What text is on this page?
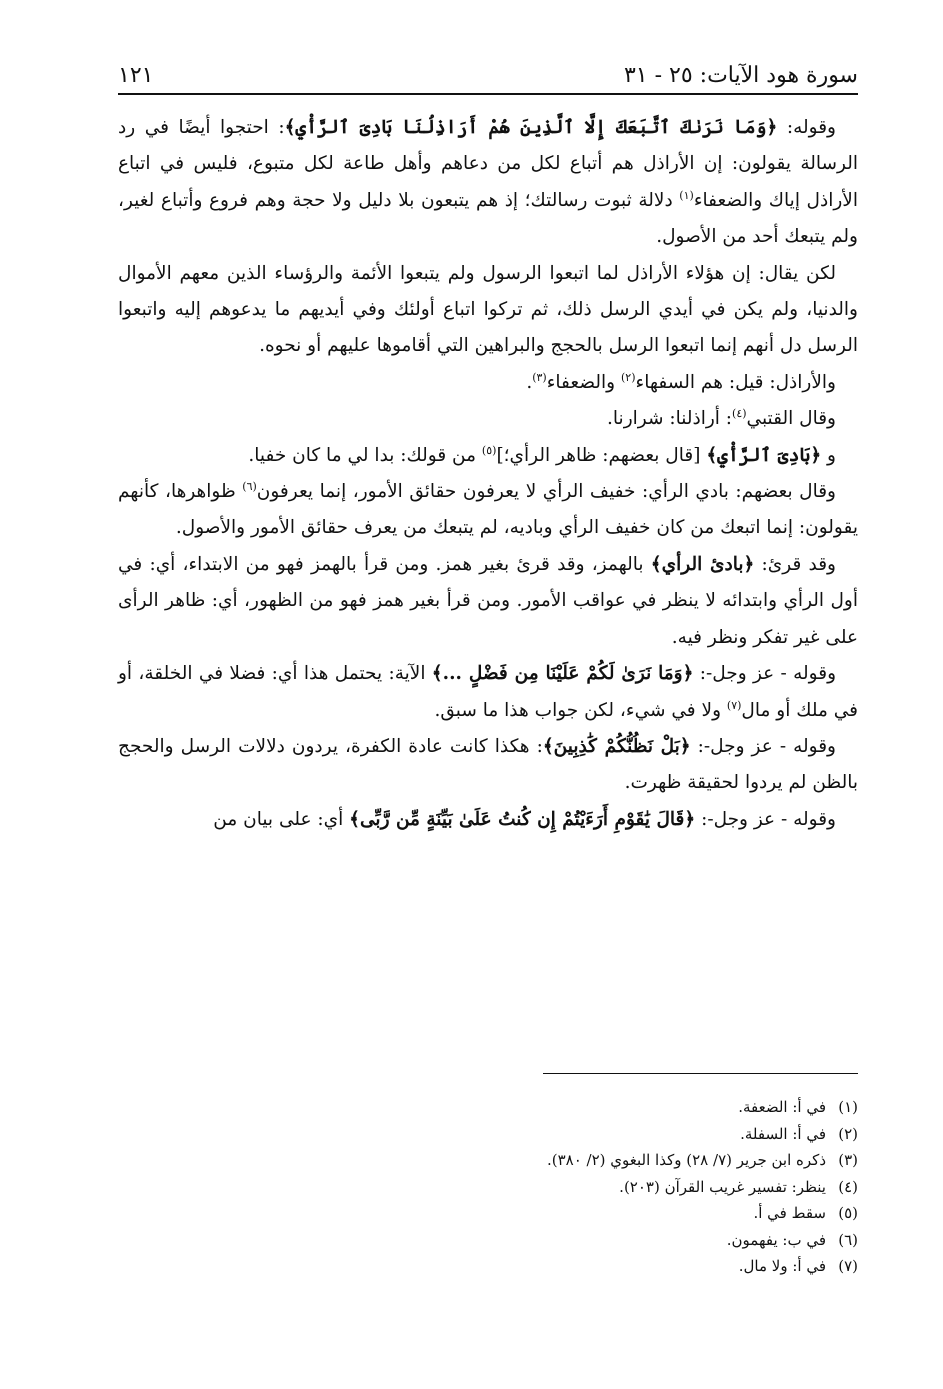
سورة هود الآيات: ٢٥ - ٣١
١٢١

وقوله: ﴿وَمَا نَرَىٰكَ ٱتَّبَعَكَ إِلَّا ٱلَّذِينَ هُمْ أَرَاذِلُنَا بَادِىَ ٱلرَّأْيِ﴾: احتجوا أيضًا في رد الرسالة يقولون: إن الأراذل هم أتباع لكل من دعاهم وأهل طاعة لكل متبوع، فليس في اتباع الأراذل إياك والضعفاء$^{(١)}$ دلالة ثبوت رسالتك؛ إذ هم يتبعون بلا دليل ولا حجة وهم فروع وأتباع لغير، ولم يتبعك أحد من الأصول.

لكن يقال: إن هؤلاء الأراذل لما اتبعوا الرسول ولم يتبعوا الأئمة والرؤساء الذين معهم الأموال والدنيا، ولم يكن في أيدي الرسل ذلك، ثم تركوا اتباع أولئك وفي أيديهم ما يدعوهم إليه واتبعوا الرسل دل أنهم إنما اتبعوا الرسل بالحجج والبراهين التي أقاموها عليهم أو نحوه.

والأراذل: قيل: هم السفهاء$^{(٢)}$ والضعفاء$^{(٣)}$.

وقال القتبي$^{(٤)}$: أراذلنا: شرارنا.

و ﴿بَادِىَ ٱلرَّأْيِ﴾ [قال بعضهم: ظاهر الرأي؛]$^{(٥)}$ من قولك: بدا لي ما كان خفيا.

وقال بعضهم: بادي الرأي: خفيف الرأي لا يعرفون حقائق الأمور، إنما يعرفون$^{(٦)}$ ظواهرها، كأنهم يقولون: إنما اتبعك من كان خفيف الرأي وباديه، لم يتبعك من يعرف حقائق الأمور والأصول.

وقد قرئ: ﴿بادئ الرأي﴾ بالهمز، وقد قرئ بغير همز. ومن قرأ بالهمز فهو من الابتداء، أي: في أول الرأي وابتدائه لا ينظر في عواقب الأمور. ومن قرأ بغير همز فهو من الظهور، أي: ظاهر الرأى على غير تفكر ونظر فيه.

وقوله - عز وجل-: ﴿وَمَا نَرَىٰ لَكُمْ عَلَيْنَا مِن فَضْلٍ ...﴾ الآية: يحتمل هذا أي: فضلا في الخلقة، أو في ملك أو مال$^{(٧)}$ ولا في شيء، لكن جواب هذا ما سبق.

وقوله - عز وجل-: ﴿بَلْ نَظُنُّكُمْ كَٰذِبِينَ﴾: هكذا كانت عادة الكفرة، يردون دلالات الرسل والحجج بالظن لم يردوا لحقيقة ظهرت.

وقوله - عز وجل-: ﴿قَالَ يَٰقَوْمِ أَرَءَيْتُمْ إِن كُنتُ عَلَىٰ بَيِّنَةٍ مِّن رَّبِّى﴾ أي: على بيان من

(١)
في أ: الضعفة.
(٢)
في أ: السفلة.
(٣)
ذكره ابن جرير (٧/ ٢٨) وكذا البغوي (٢/ ٣٨٠).
(٤)
ينظر: تفسير غريب القرآن (٢٠٣).
(٥)
سقط في أ.
(٦)
في ب: يفهمون.
(٧)
في أ: ولا مال.
